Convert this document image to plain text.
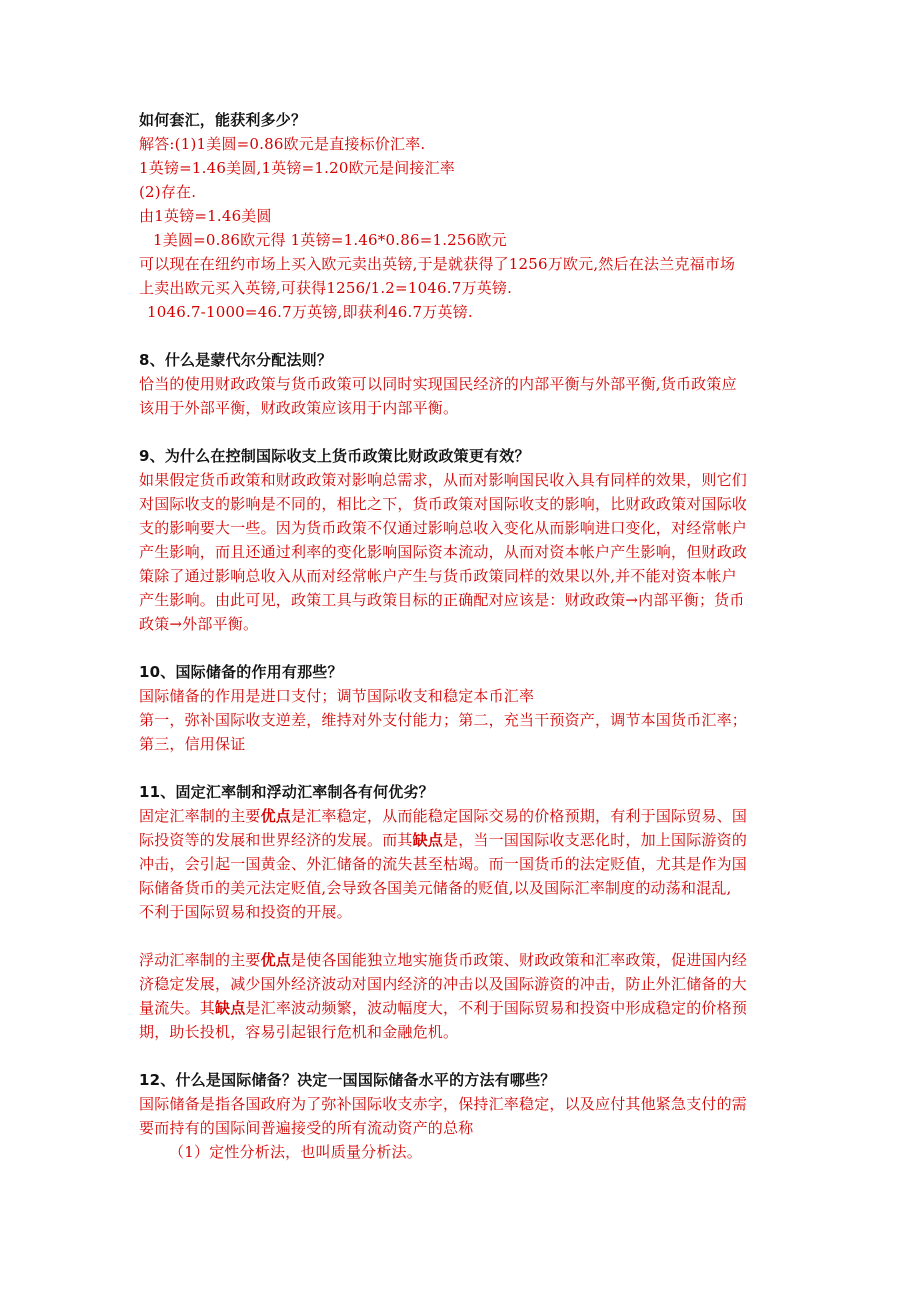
如何套汇，能获利多少？
解答:(1)1美圆=0.86欧元是直接标价汇率.
1英镑=1.46美圆,1英镑=1.20欧元是间接汇率
(2)存在.
由1英镑=1.46美圆
1美圆=0.86欧元得 1英镑=1.46*0.86=1.256欧元
可以现在在纽约市场上买入欧元卖出英镑,于是就获得了1256万欧元,然后在法兰克福市场
上卖出欧元买入英镑,可获得1256/1.2=1046.7万英镑.
1046.7-1000=46.7万英镑,即获利46.7万英镑.
8、什么是蒙代尔分配法则？
恰当的使用财政政策与货币政策可以同时实现国民经济的内部平衡与外部平衡,货币政策应
该用于外部平衡，财政政策应该用于内部平衡。
9、为什么在控制国际收支上货币政策比财政政策更有效？
如果假定货币政策和财政政策对影响总需求，从而对影响国民收入具有同样的效果，则它们
对国际收支的影响是不同的，相比之下，货币政策对国际收支的影响，比财政政策对国际收
支的影响要大一些。因为货币政策不仅通过影响总收入变化从而影响进口变化，对经常帐户
产生影响，而且还通过利率的变化影响国际资本流动，从而对资本帐户产生影响，但财政政
策除了通过影响总收入从而对经常帐户产生与货币政策同样的效果以外,并不能对资本帐户
产生影响。由此可见，政策工具与政策目标的正确配对应该是：财政政策→内部平衡；货币
政策→外部平衡。
10、国际储备的作用有那些？
国际储备的作用是进口支付；调节国际收支和稳定本币汇率
第一，弥补国际收支逆差，维持对外支付能力；第二，充当干预资产，调节本国货币汇率；
第三，信用保证
11、固定汇率制和浮动汇率制各有何优劣？
固定汇率制的主要优点是汇率稳定，从而能稳定国际交易的价格预期，有利于国际贸易、国
际投资等的发展和世界经济的发展。而其缺点是，当一国国际收支恶化时，加上国际游资的
冲击，会引起一国黄金、外汇储备的流失甚至枯竭。而一国货币的法定贬值，尤其是作为国
际储备货币的美元法定贬值,会导致各国美元储备的贬值,以及国际汇率制度的动荡和混乱,
不利于国际贸易和投资的开展。
浮动汇率制的主要优点是使各国能独立地实施货币政策、财政政策和汇率政策，促进国内经
济稳定发展，减少国外经济波动对国内经济的冲击以及国际游资的冲击，防止外汇储备的大
量流失。其缺点是汇率波动频繁，波动幅度大，不利于国际贸易和投资中形成稳定的价格预
期，助长投机，容易引起银行危机和金融危机。
12、什么是国际储备？决定一国国际储备水平的方法有哪些？
国际储备是指各国政府为了弥补国际收支赤字，保持汇率稳定，以及应付其他紧急支付的需
要而持有的国际间普遍接受的所有流动资产的总称
（1）定性分析法，也叫质量分析法。
